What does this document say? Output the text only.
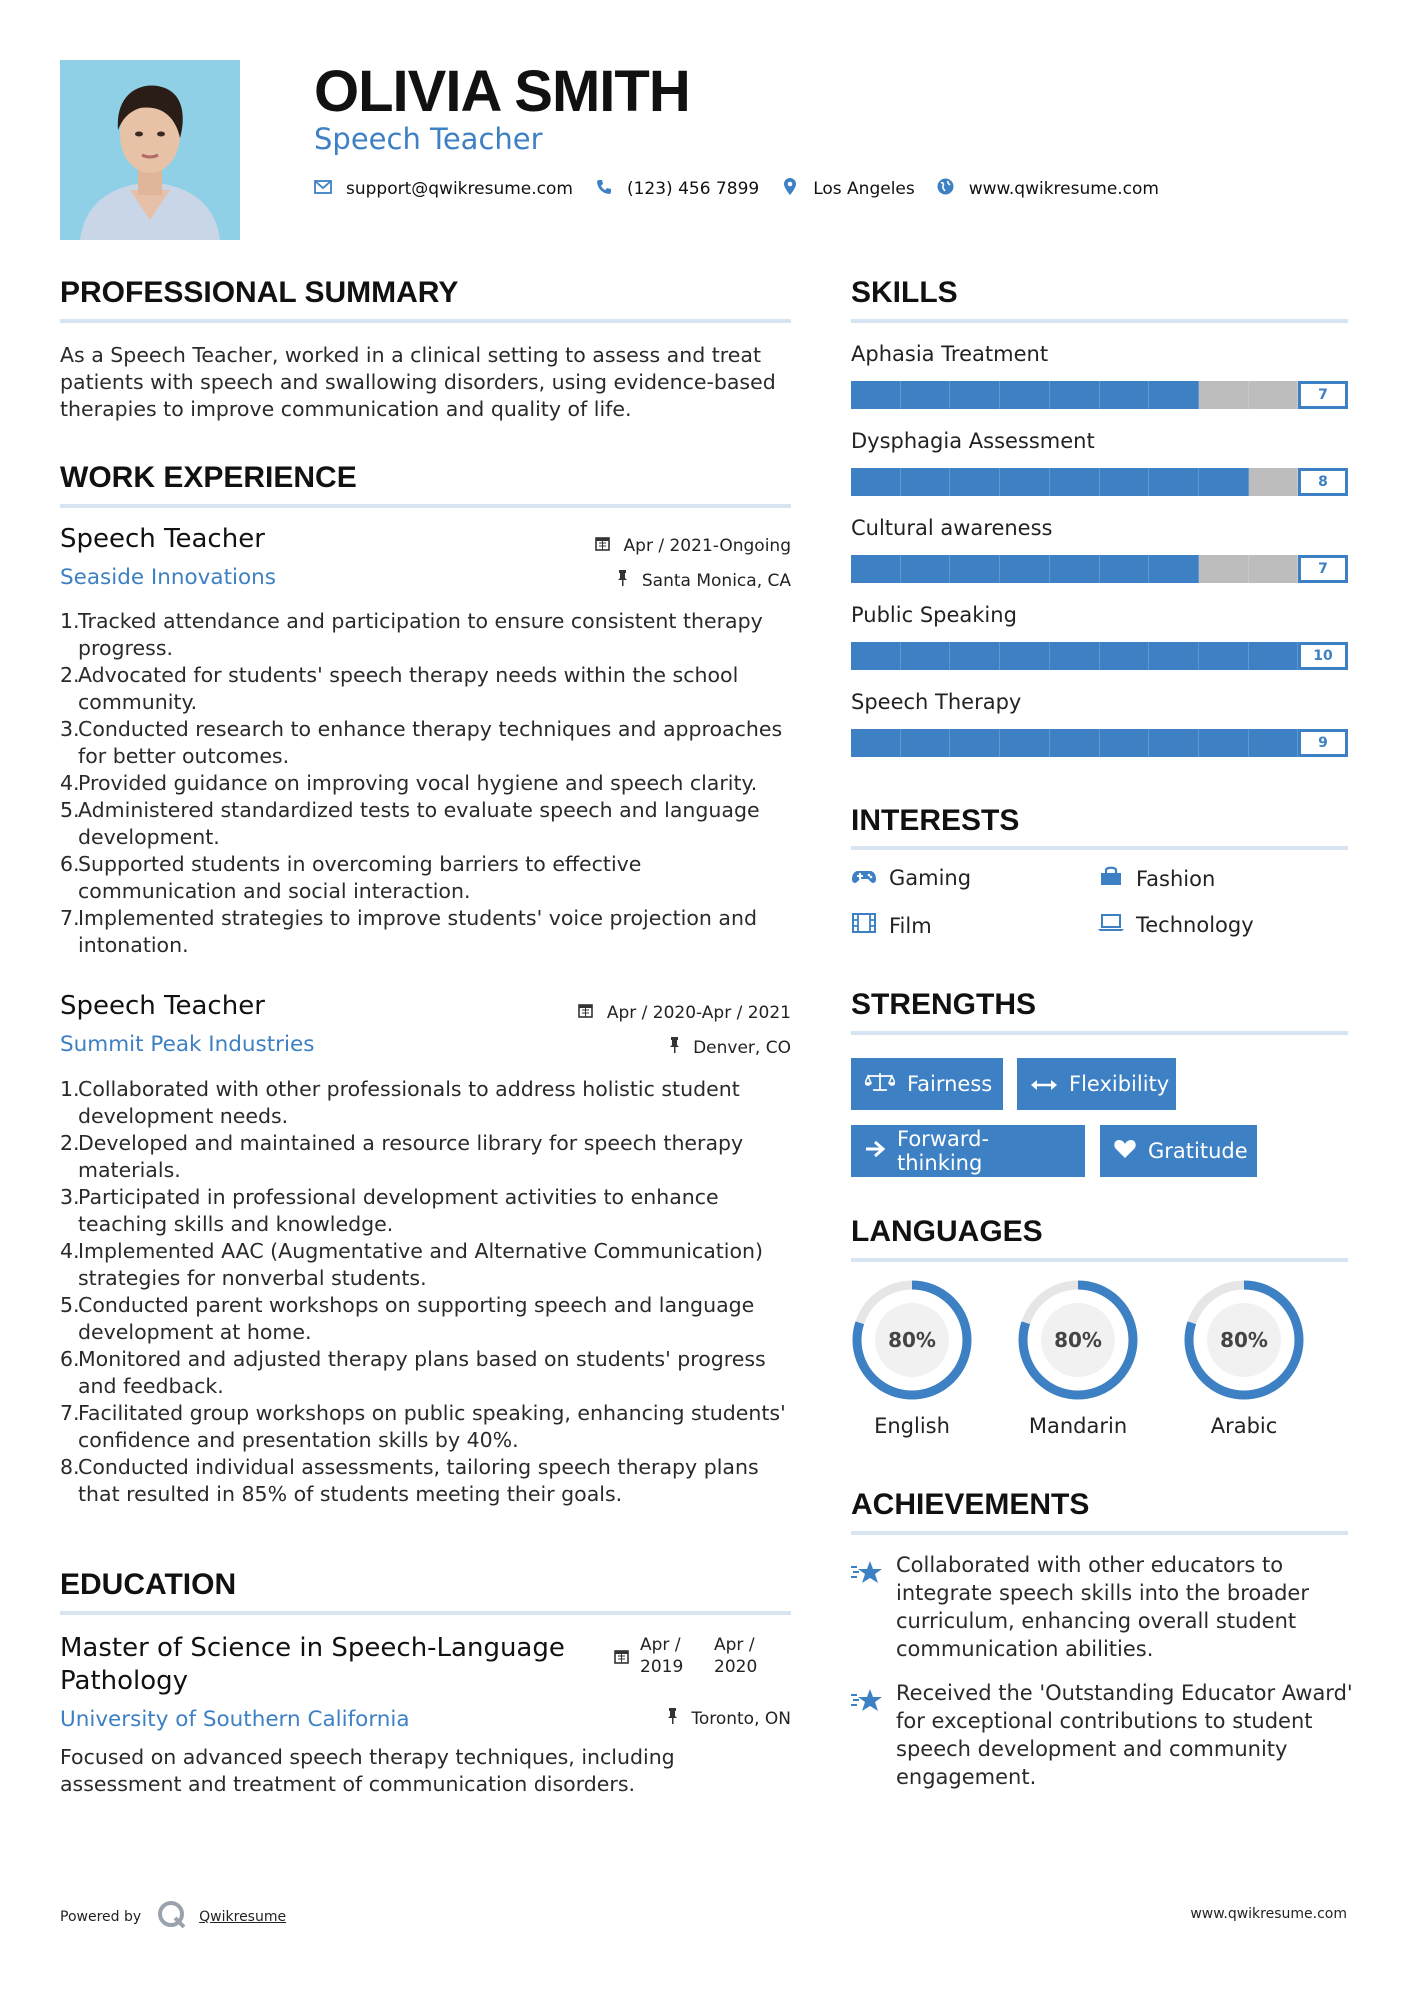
OLIVIA SMITH
Speech Teacher
support@qwikresume.com	(123) 456 7899	Los Angeles	www.qwikresume.com
PROFESSIONAL SUMMARY
As a Speech Teacher, worked in a clinical setting to assess and treat patients with speech and swallowing disorders, using evidence-based therapies to improve communication and quality of life.
WORK EXPERIENCE
Speech Teacher
Seaside Innovations
Apr / 2021-Ongoing
Santa Monica, CA
1.
Tracked attendance and participation to ensure consistent therapy progress.
2.
Advocated for students' speech therapy needs within the school community.
3.
Conducted research to enhance therapy techniques and approaches for better outcomes.
4.
Provided guidance on improving vocal hygiene and speech clarity.
5.
Administered standardized tests to evaluate speech and language development.
6.
Supported students in overcoming barriers to effective communication and social interaction.
7.
Implemented strategies to improve students' voice projection and intonation.
Speech Teacher
Summit Peak Industries
Apr / 2020-Apr / 2021
Denver, CO
1.
Collaborated with other professionals to address holistic student development needs.
2.
Developed and maintained a resource library for speech therapy materials.
3.
Participated in professional development activities to enhance teaching skills and knowledge.
4.
Implemented AAC (Augmentative and Alternative Communication) strategies for nonverbal students.
5.
Conducted parent workshops on supporting speech and language development at home.
6.
Monitored and adjusted therapy plans based on students' progress and feedback.
7.
Facilitated group workshops on public speaking, enhancing students' confidence and presentation skills by 40%.
8.
Conducted individual assessments, tailoring speech therapy plans that resulted in 85% of students meeting their goals.
EDUCATION
Master of Science in Speech-Language Pathology
University of Southern California
Apr / 2019
Apr / 2020
Toronto, ON
Focused on advanced speech therapy techniques, including assessment and treatment of communication disorders.
SKILLS
Aphasia Treatment
7
Dysphagia Assessment
8
Cultural awareness
7
Public Speaking
10
Speech Therapy
9
INTERESTS
Gaming	Fashion
Film	Technology
STRENGTHS
Fairness	Flexibility
Forward-thinking	Gratitude
LANGUAGES
80%
English
80%
Mandarin
80%
Arabic
ACHIEVEMENTS
Collaborated with other educators to integrate speech skills into the broader curriculum, enhancing overall student communication abilities.
Received the 'Outstanding Educator Award' for exceptional contributions to student speech development and community engagement.
Powered by	Qwikresume	www.qwikresume.com
